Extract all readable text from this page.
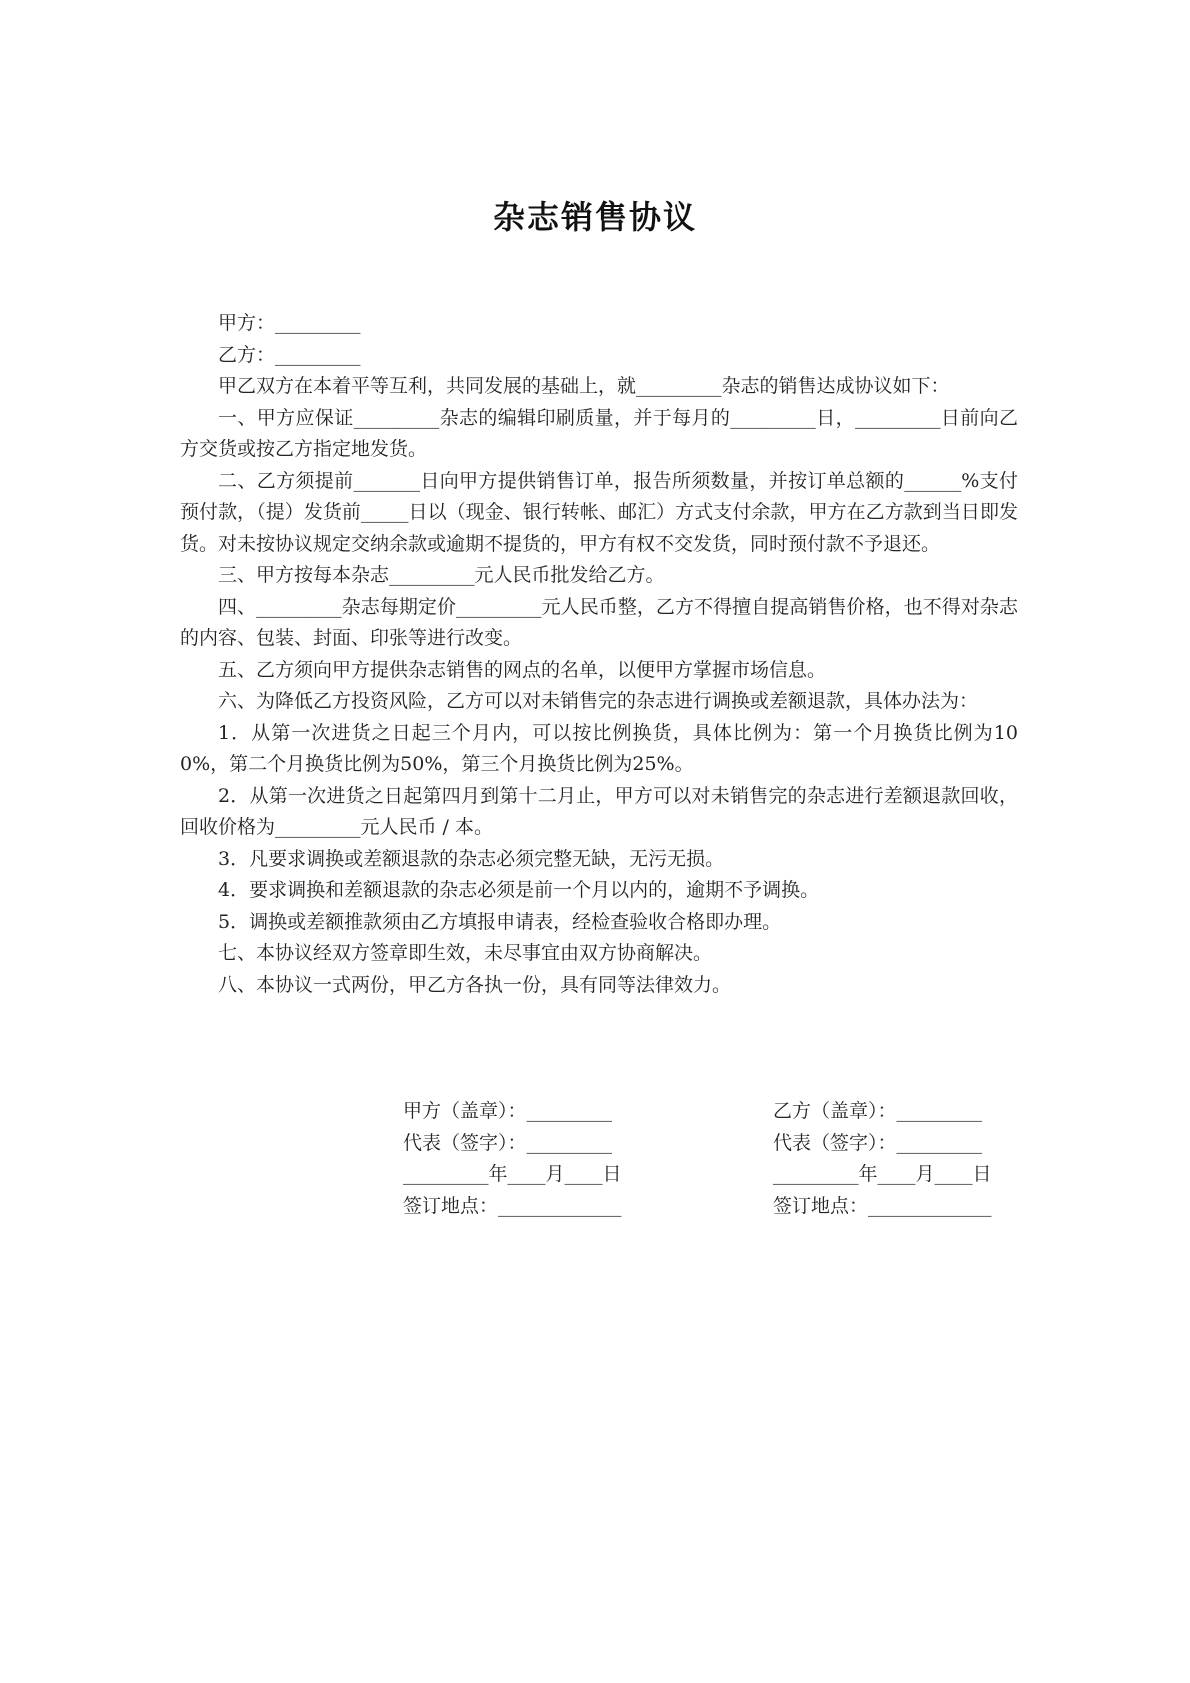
杂志销售协议

甲方：_________

乙方：_________

甲乙双方在本着平等互利，共同发展的基础上，就_________杂志的销售达成协议如下：

一、甲方应保证_________杂志的编辑印刷质量，并于每月的_________日，_________日前向乙方交货或按乙方指定地发货。

二、乙方须提前_______日向甲方提供销售订单，报告所须数量，并按订单总额的______%支付预付款，（提）发货前_____日以（现金、银行转帐、邮汇）方式支付余款，甲方在乙方款到当日即发货。对未按协议规定交纳余款或逾期不提货的，甲方有权不交发货，同时预付款不予退还。

三、甲方按每本杂志_________元人民币批发给乙方。

四、_________杂志每期定价_________元人民币整，乙方不得擅自提高销售价格，也不得对杂志的内容、包装、封面、印张等进行改变。

五、乙方须向甲方提供杂志销售的网点的名单，以便甲方掌握市场信息。

六、为降低乙方投资风险，乙方可以对未销售完的杂志进行调换或差额退款，具体办法为：

1．从第一次进货之日起三个月内，可以按比例换货，具体比例为：第一个月换货比例为100%，第二个月换货比例为50%，第三个月换货比例为25%。

2．从第一次进货之日起第四月到第十二月止，甲方可以对未销售完的杂志进行差额退款回收，回收价格为_________元人民币 / 本。

3．凡要求调换或差额退款的杂志必须完整无缺，无污无损。

4．要求调换和差额退款的杂志必须是前一个月以内的，逾期不予调换。

5．调换或差额推款须由乙方填报申请表，经检查验收合格即办理。

七、本协议经双方签章即生效，未尽事宜由双方协商解决。

八、本协议一式两份，甲乙方各执一份，具有同等法律效力。

甲方（盖章）：_________

代表（签字）：_________

_________年____月____日

签订地点：_____________

乙方（盖章）：_________

代表（签字）：_________

_________年____月____日

签订地点：_____________
